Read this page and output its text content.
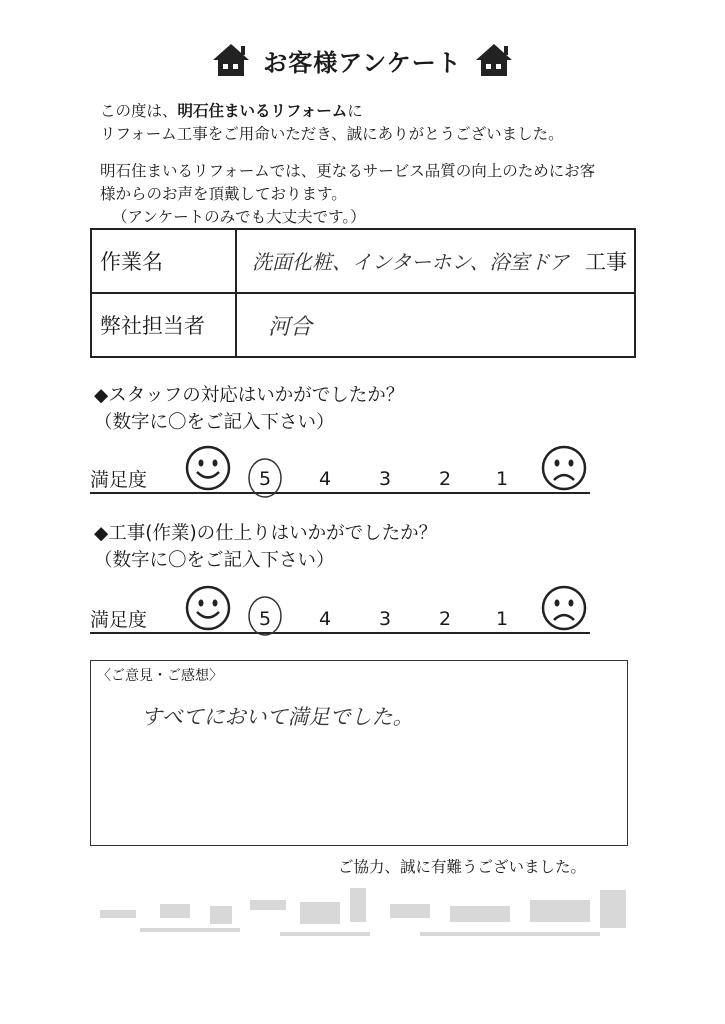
お客様アンケート
この度は、明石住まいるリフォームに
リフォーム工事をご用命いただき、誠にありがとうございました。
明石住まいるリフォームでは、更なるサービス品質の向上のためにお客
様からのお声を頂戴しております。
（アンケートのみでも大丈夫です。）
作業名	洗面化粧、インターホン、浴室ドア 工事

弊社担当者	河合
◆スタッフの対応はいかがでしたか？
（数字に〇をご記入下さい）
満足度	5	4	3	2	1
◆工事(作業)の仕上りはいかがでしたか？
（数字に〇をご記入下さい）
満足度	5	4	3	2	1
〈ご意見・ご感想〉
すべてにおいて満足でした。
ご協力、誠に有難うございました。
